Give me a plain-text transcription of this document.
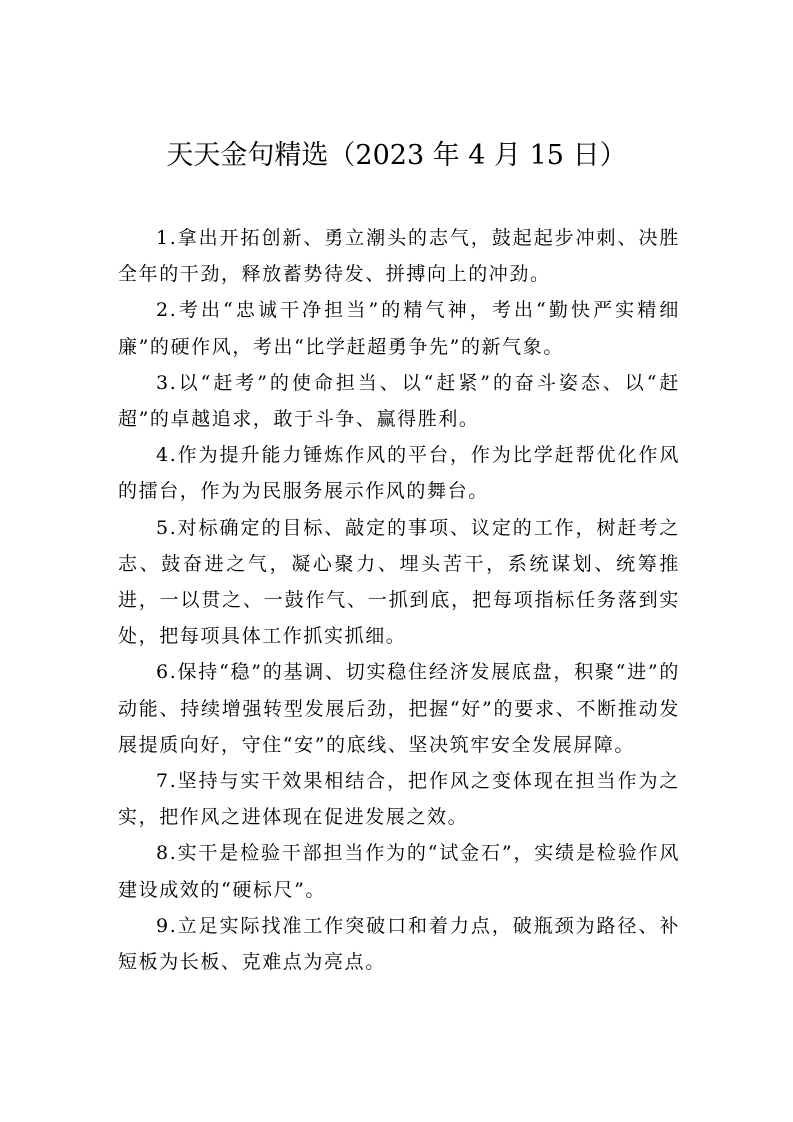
天天金句精选（2023 年 4 月 15 日）

1.拿出开拓创新、勇立潮头的志气，鼓起起步冲刺、决胜全年的干劲，释放蓄势待发、拼搏向上的冲劲。

2.考出“忠诚干净担当”的精气神，考出“勤快严实精细廉”的硬作风，考出“比学赶超勇争先”的新气象。

3.以“赶考”的使命担当、以“赶紧”的奋斗姿态、以“赶超”的卓越追求，敢于斗争、赢得胜利。

4.作为提升能力锤炼作风的平台，作为比学赶帮优化作风的擂台，作为为民服务展示作风的舞台。

5.对标确定的目标、敲定的事项、议定的工作，树赶考之志、鼓奋进之气，凝心聚力、埋头苦干，系统谋划、统筹推进，一以贯之、一鼓作气、一抓到底，把每项指标任务落到实处，把每项具体工作抓实抓细。

6.保持“稳”的基调、切实稳住经济发展底盘，积聚“进”的动能、持续增强转型发展后劲，把握“好”的要求、不断推动发展提质向好，守住“安”的底线、坚决筑牢安全发展屏障。

7.坚持与实干效果相结合，把作风之变体现在担当作为之实，把作风之进体现在促进发展之效。

8.实干是检验干部担当作为的“试金石”，实绩是检验作风建设成效的“硬标尺”。

9.立足实际找准工作突破口和着力点，破瓶颈为路径、补短板为长板、克难点为亮点。
